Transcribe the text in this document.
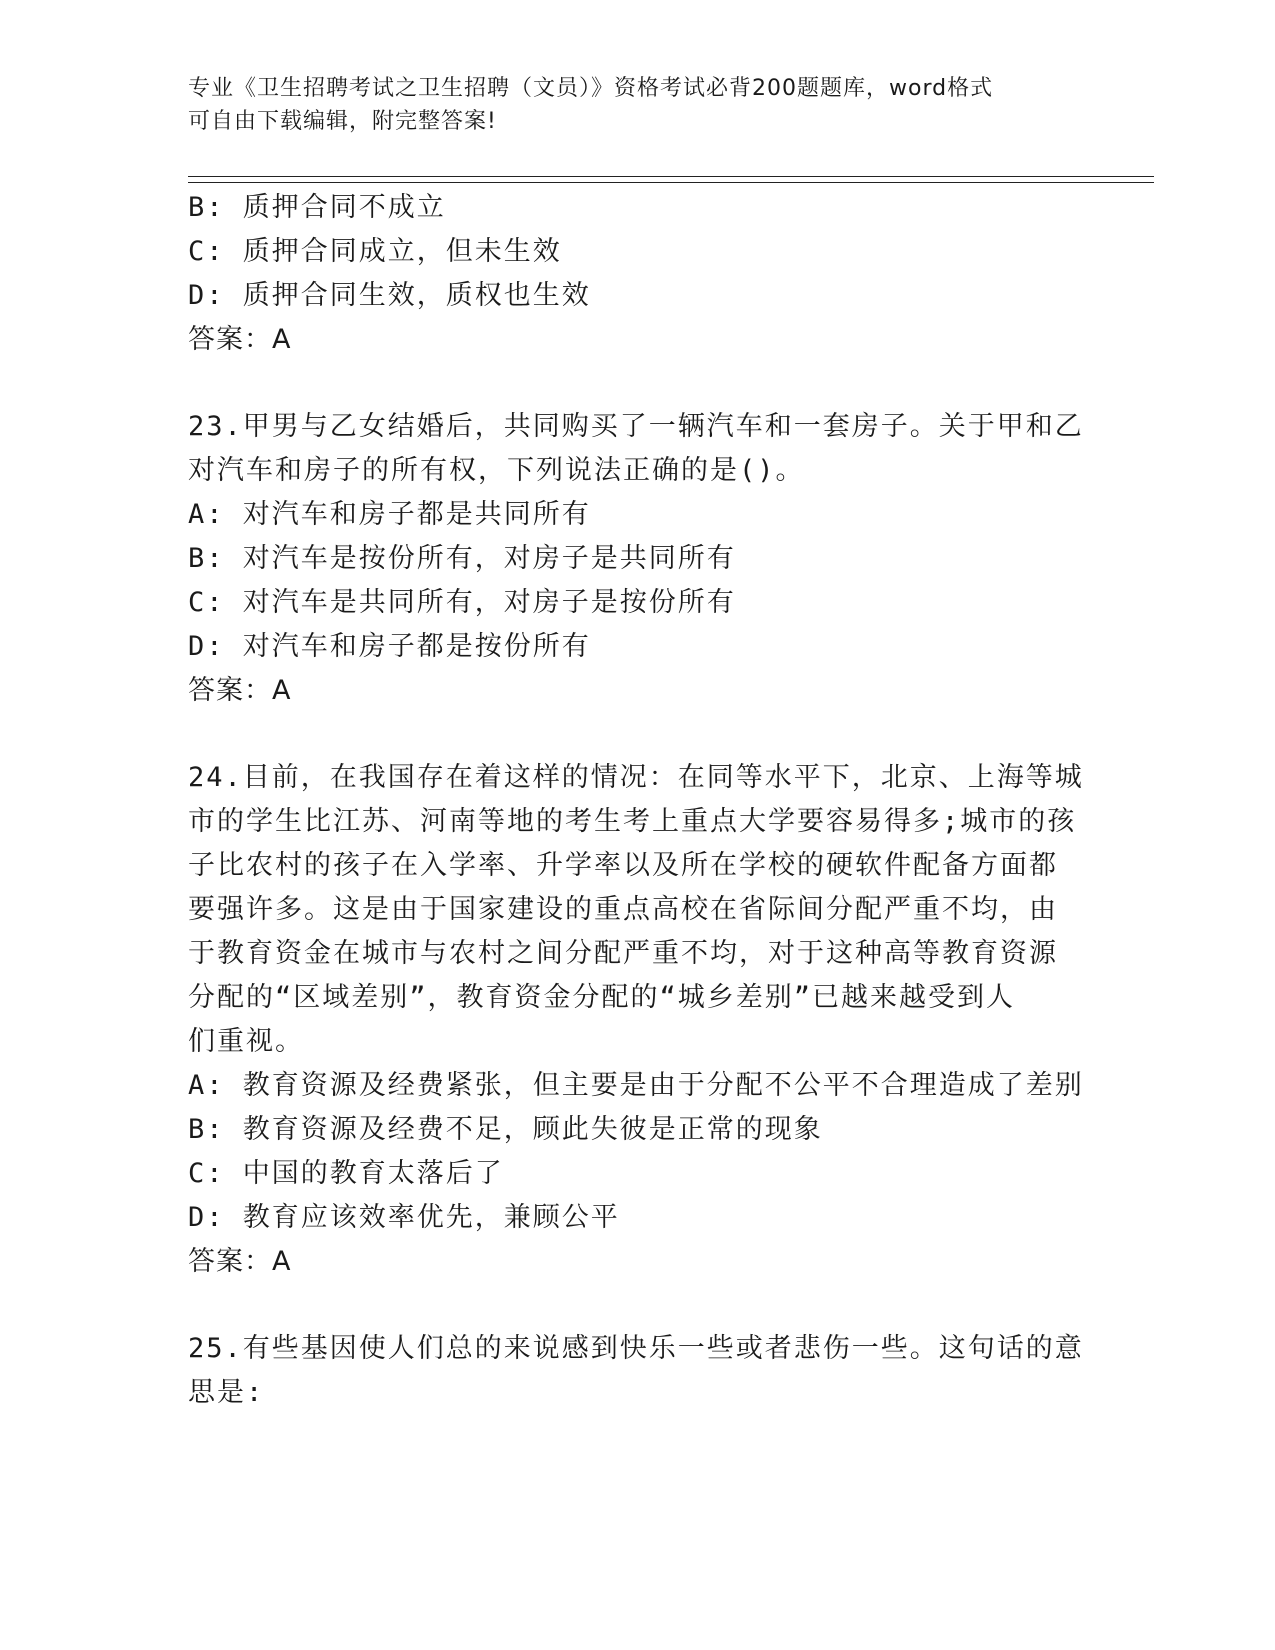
专业《卫生招聘考试之卫生招聘（文员）》资格考试必背200题题库，word格式
可自由下载编辑，附完整答案!
B: 质押合同不成立
C: 质押合同成立，但未生效
D: 质押合同生效，质权也生效
答案：A
23.甲男与乙女结婚后，共同购买了一辆汽车和一套房子。关于甲和乙
对汽车和房子的所有权，下列说法正确的是()。
A: 对汽车和房子都是共同所有
B: 对汽车是按份所有，对房子是共同所有
C: 对汽车是共同所有，对房子是按份所有
D: 对汽车和房子都是按份所有
答案：A
24.目前，在我国存在着这样的情况：在同等水平下，北京、上海等城
市的学生比江苏、河南等地的考生考上重点大学要容易得多;城市的孩
子比农村的孩子在入学率、升学率以及所在学校的硬软件配备方面都
要强许多。这是由于国家建设的重点高校在省际间分配严重不均，由
于教育资金在城市与农村之间分配严重不均，对于这种高等教育资源
分配的“区域差别”，教育资金分配的“城乡差别”已越来越受到人
们重视。
A: 教育资源及经费紧张，但主要是由于分配不公平不合理造成了差别
B: 教育资源及经费不足，顾此失彼是正常的现象
C: 中国的教育太落后了
D: 教育应该效率优先，兼顾公平
答案：A
25.有些基因使人们总的来说感到快乐一些或者悲伤一些。这句话的意
思是:
